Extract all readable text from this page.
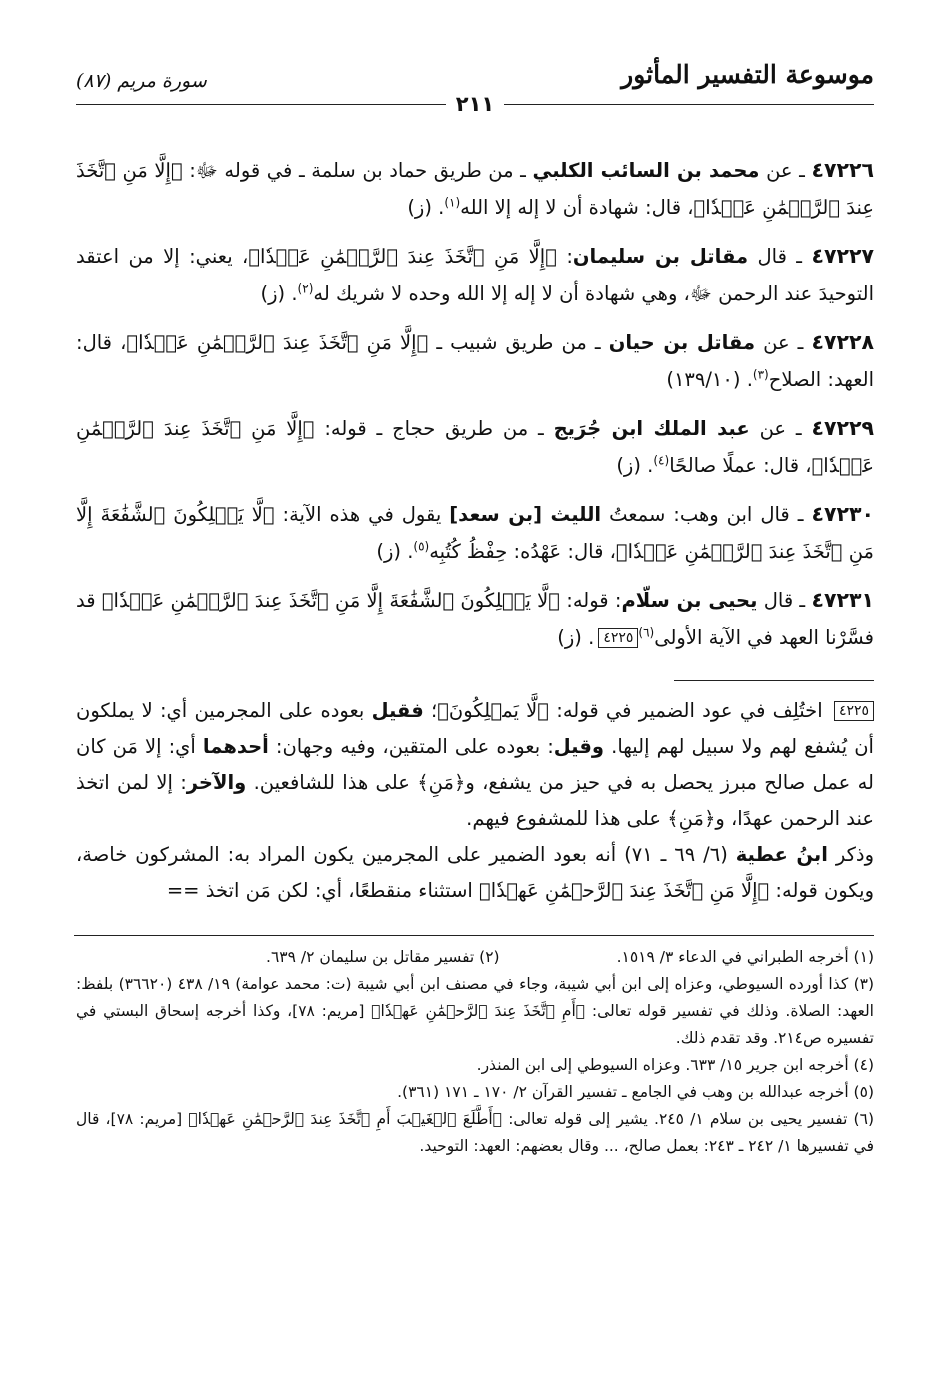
موسوعة التفسير المأثور
سورة مريم (٨٧)
٢١١

٤٧٢٢٦ ـ عن محمد بن السائب الكلبي ـ من طريق حماد بن سلمة ـ في قوله ﷻ: ﴿إِلَّا مَنِ ٱتَّخَذَ عِندَ ٱلرَّحۡمَٰنِ عَهۡدٗا﴾، قال: شهادة أن لا إله إلا الله$^{(١)}$. (ز)

٤٧٢٢٧ ـ قال مقاتل بن سليمان: ﴿إِلَّا مَنِ ٱتَّخَذَ عِندَ ٱلرَّحۡمَٰنِ عَهۡدٗا﴾، يعني: إلا من اعتقد التوحيدَ عند الرحمن ﷻ، وهي شهادة أن لا إله إلا الله وحده لا شريك له$^{(٢)}$. (ز)

٤٧٢٢٨ ـ عن مقاتل بن حيان ـ من طريق شبيب ـ ﴿إِلَّا مَنِ ٱتَّخَذَ عِندَ ٱلرَّحۡمَٰنِ عَهۡدٗا﴾، قال: العهد: الصلاح$^{(٣)}$. (١٣٩/١٠)

٤٧٢٢٩ ـ عن عبد الملك ابن جُرَيج ـ من طريق حجاج ـ قوله: ﴿إِلَّا مَنِ ٱتَّخَذَ عِندَ ٱلرَّحۡمَٰنِ عَهۡدٗا﴾، قال: عملًا صالحًا$^{(٤)}$. (ز)

٤٧٢٣٠ ـ قال ابن وهب: سمعتُ الليث [بن سعد] يقول في هذه الآية: ﴿لَّا يَمۡلِكُونَ ٱلشَّفَٰعَةَ إِلَّا مَنِ ٱتَّخَذَ عِندَ ٱلرَّحۡمَٰنِ عَهۡدٗا﴾، قال: عَهْدُه: حِفْظُ كُتُبِه$^{(٥)}$. (ز)

٤٧٢٣١ ـ قال يحيى بن سلّام: قوله: ﴿لَّا يَمۡلِكُونَ ٱلشَّفَٰعَةَ إِلَّا مَنِ ٱتَّخَذَ عِندَ ٱلرَّحۡمَٰنِ عَهۡدٗا﴾ قد فسَّرْنا العهد في الآية الأولى$^{(٦)}$٤٢٢٥. (ز)

٤٢٢٥ اختُلِف في عود الضمير في قوله: ﴿لَّا يَمۡلِكُونَ﴾؛ فقيل بعوده على المجرمين أي: لا يملكون أن يُشفع لهم ولا سبيل لهم إليها. وقيل: بعوده على المتقين، وفيه وجهان: أحدهما أي: إلا مَن كان له عمل صالح مبرز يحصل به في حيز من يشفع، و﴿مَنِ﴾ على هذا للشافعين. والآخر: إلا لمن اتخذ عند الرحمن عهدًا، و﴿مَنِ﴾ على هذا للمشفوع فيهم.

وذكر ابنُ عطية (٦/ ٦٩ ـ ٧١) أنه بعود الضمير على المجرمين يكون المراد به: المشركون خاصة، ويكون قوله: ﴿إِلَّا مَنِ ٱتَّخَذَ عِندَ ٱلرَّحۡمَٰنِ عَهۡدٗا﴾ استثناء منقطعًا، أي: لكن مَن اتخذ ==

(١) أخرجه الطبراني في الدعاء ٣/ ١٥١٩.

(٢) تفسير مقاتل بن سليمان ٢/ ٦٣٩.

(٣) كذا أورده السيوطي، وعزاه إلى ابن أبي شيبة، وجاء في مصنف ابن أبي شيبة (ت: محمد عوامة) ١٩/ ٤٣٨ (٣٦٦٢٠) بلفظ: العهد: الصلاة. وذلك في تفسير قوله تعالى: ﴿أَمِ ٱتَّخَذَ عِندَ ٱلرَّحۡمَٰنِ عَهۡدٗا﴾ [مريم: ٧٨]، وكذا أخرجه إسحاق البستي في تفسيره ص٢١٤. وقد تقدم ذلك.

(٤) أخرجه ابن جرير ١٥/ ٦٣٣. وعزاه السيوطي إلى ابن المنذر.

(٥) أخرجه عبدالله بن وهب في الجامع ـ تفسير القرآن ٢/ ١٧٠ ـ ١٧١ (٣٦١).

(٦) تفسير يحيى بن سلام ١/ ٢٤٥. يشير إلى قوله تعالى: ﴿أَطَّلَعَ ٱلۡغَيۡبَ أَمِ ٱتَّخَذَ عِندَ ٱلرَّحۡمَٰنِ عَهۡدٗا﴾ [مريم: ٧٨]، قال في تفسيرها ١/ ٢٤٢ ـ ٢٤٣: بعمل صالح، ... وقال بعضهم: العهد: التوحيد.
